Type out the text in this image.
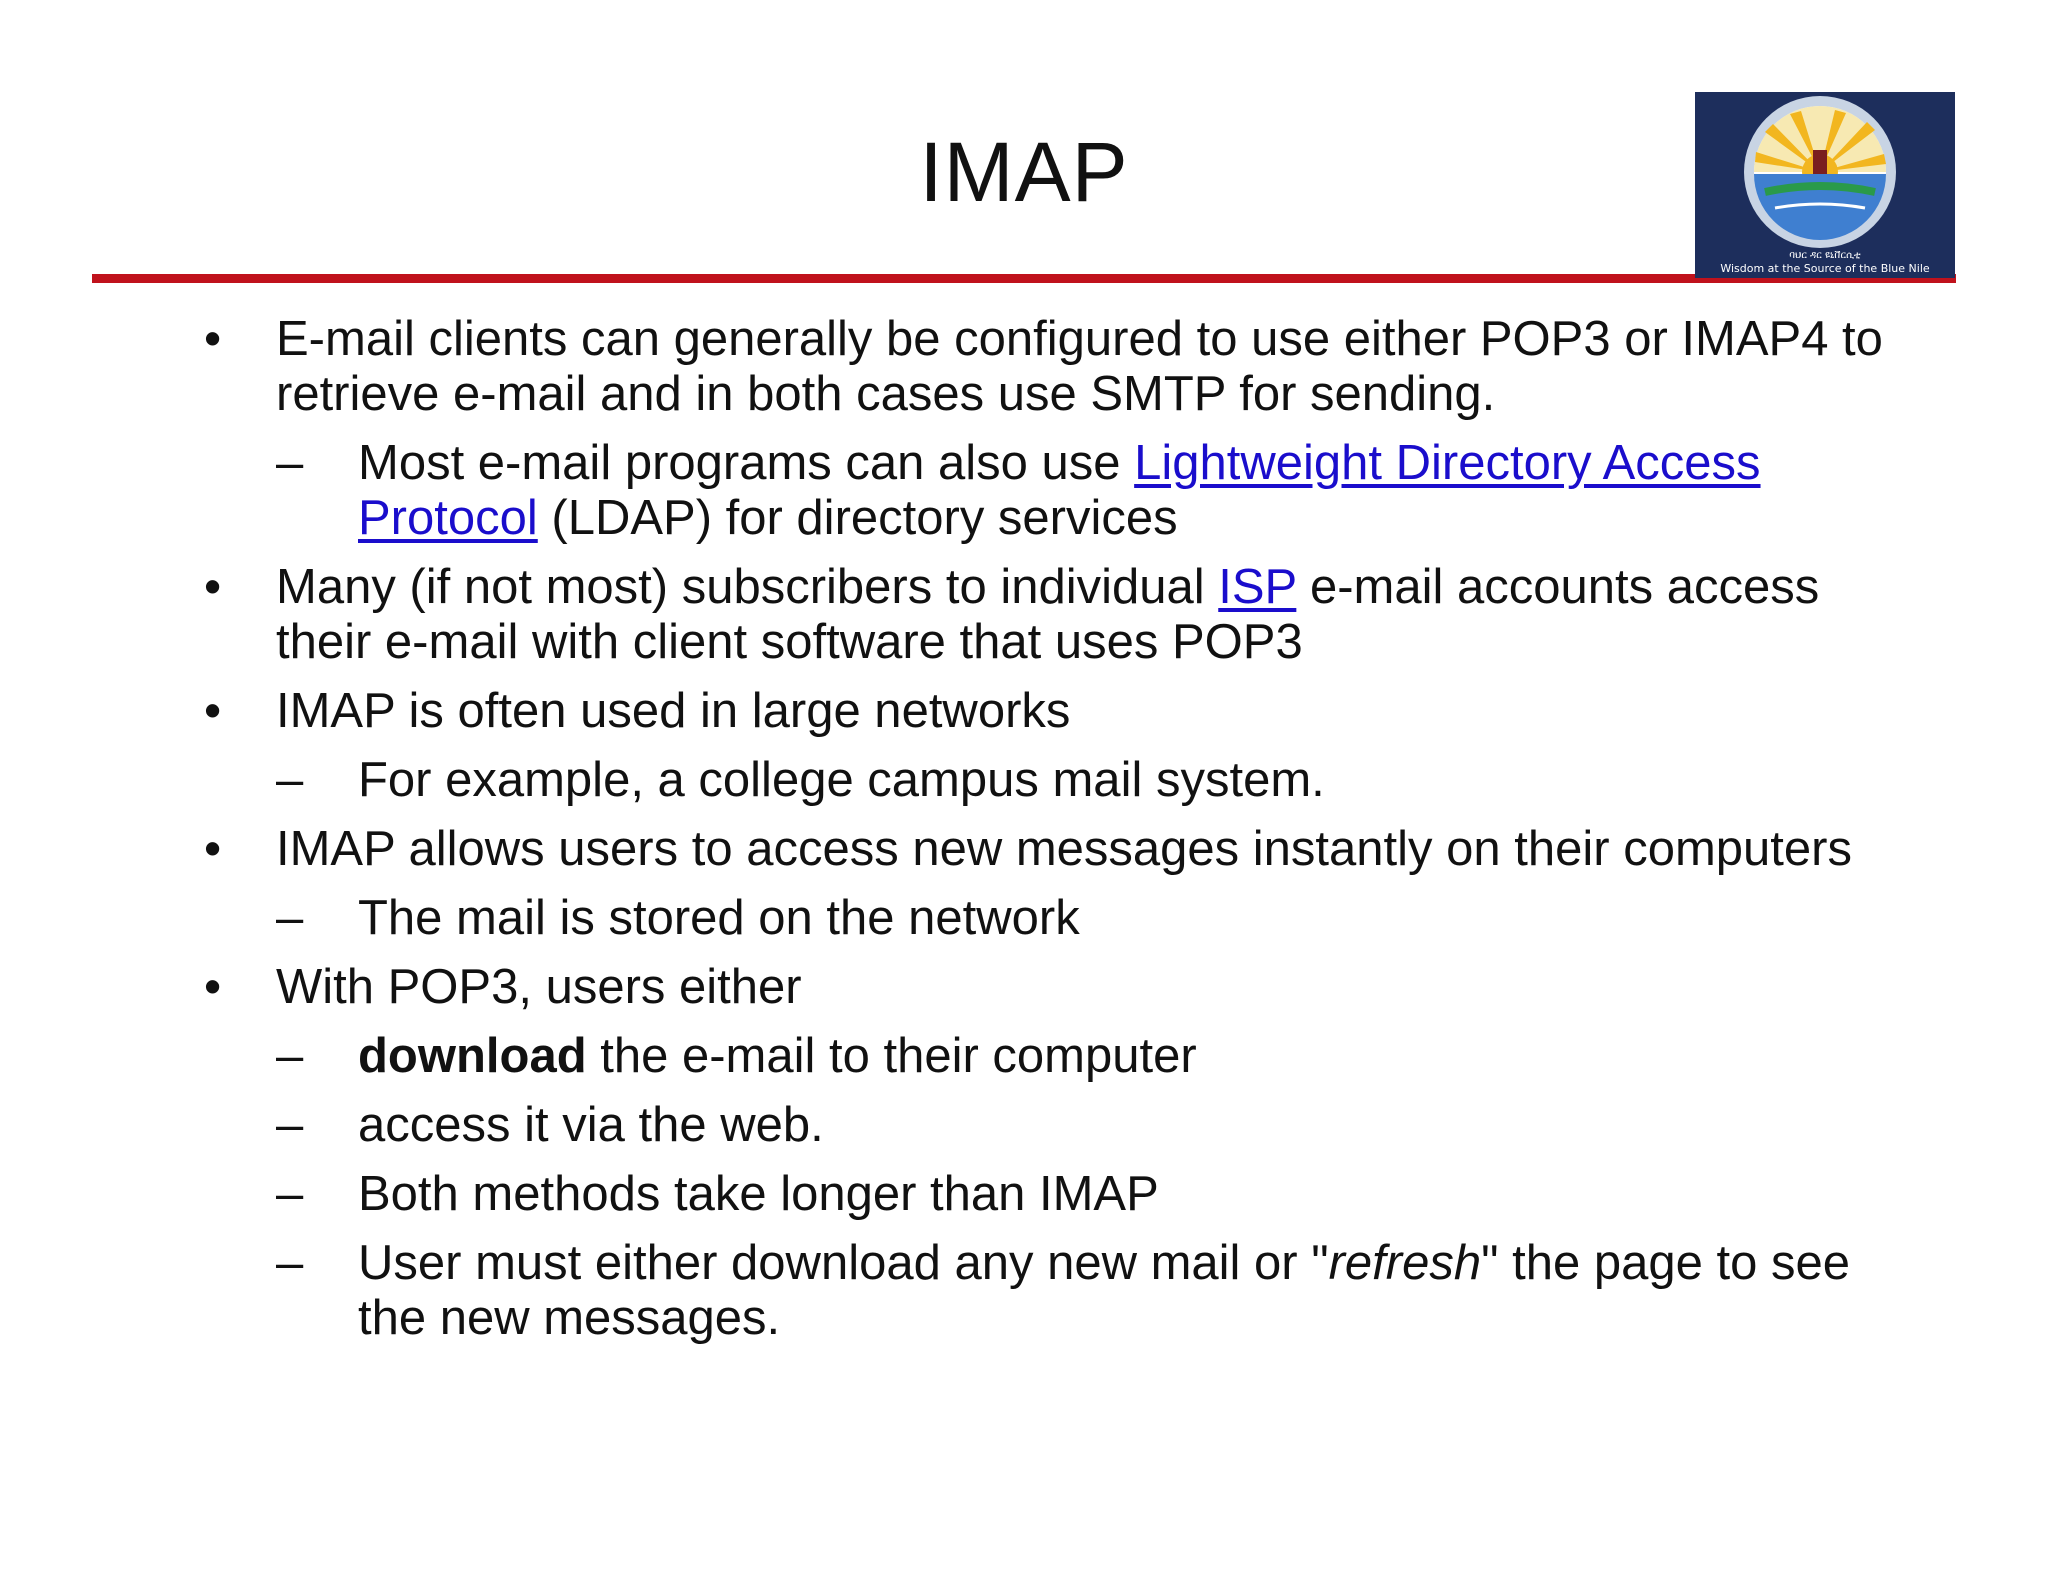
IMAP
ባህር ዳር ዩኒቨርሲቲ
Wisdom at the Source of the Blue Nile
• E-mail clients can generally be configured to use either POP3 or IMAP4 to retrieve e-mail and in both cases use SMTP for sending.
– Most e-mail programs can also use Lightweight Directory Access Protocol (LDAP) for directory services
• Many (if not most) subscribers to individual ISP e-mail accounts access their e-mail with client software that uses POP3
• IMAP is often used in large networks
– For example, a college campus mail system.
• IMAP allows users to access new messages instantly on their computers
– The mail is stored on the network
• With POP3, users either
– download the e-mail to their computer
– access it via the web.
– Both methods take longer than IMAP
– User must either download any new mail or "refresh" the page to see the new messages.
